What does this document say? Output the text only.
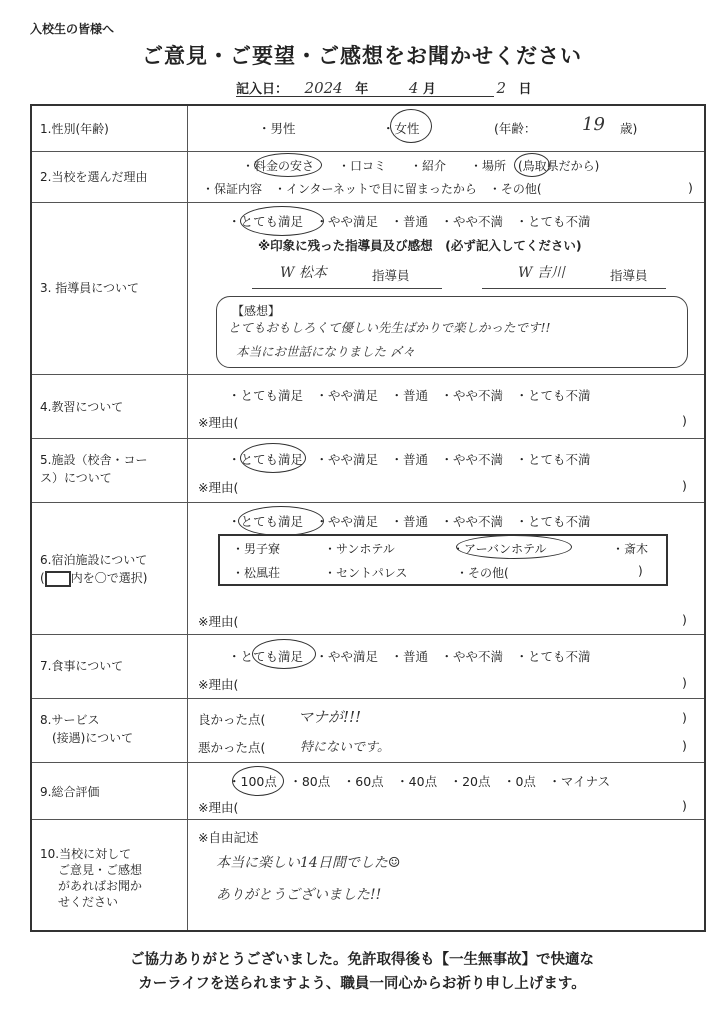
入校生の皆様へ
ご意見・ご要望・ご感想をお聞かせください
記入日： 2024 年	4 月	2 日
1.性別(年齢)	・男性	・女性	(年齢：	19 歳)
2.当校を選んだ理由
・料金の安さ　　・口コミ　　・紹介　　・場所　(鳥取県だから)
・保証内容　・インターネットで目に留まったから　・その他(	)
3. 指導員について
・とても満足　・やや満足　・普通　・やや不満　・とても不満
※印象に残った指導員及び感想　(必ず記入してください)
W 松本	指導員	W 吉川	指導員
【感想】
とてもおもしろくて優しい先生ばかりで楽しかったです!!
本当にお世話になりました 〆々
4.教習について
・とても満足　・やや満足　・普通　・やや不満　・とても不満
※理由(	)
5.施設（校舎・コー
ス）について
・とても満足　・やや満足　・普通　・やや不満　・とても不満
※理由(	)
6.宿泊施設について
( 内を〇で選択)
・とても満足　・やや満足　・普通　・やや不満　・とても不満
・男子寮	・サンホテル	・アーバンホテル	・斎木
・松風荘	・セントパレス	・その他(	)
※理由(	)
7.食事について
・とても満足　・やや満足　・普通　・やや不満　・とても不満
※理由(	)
8.サービス
(接遇)について
良かった点( マナが!!!	)
悪かった点(	特にないです。	)
9.総合評価
・100点　・80点　・60点　・40点　・20点　・0点　・マイナス
※理由(	)
10.当校に対して
ご意見・ご感想
があればお聞か
せください
※自由記述
本当に楽しい14日間でした☺
ありがとうございました!!
ご協力ありがとうございました。免許取得後も【一生無事故】で快適な
カーライフを送られますよう、職員一同心からお祈り申し上げます。
